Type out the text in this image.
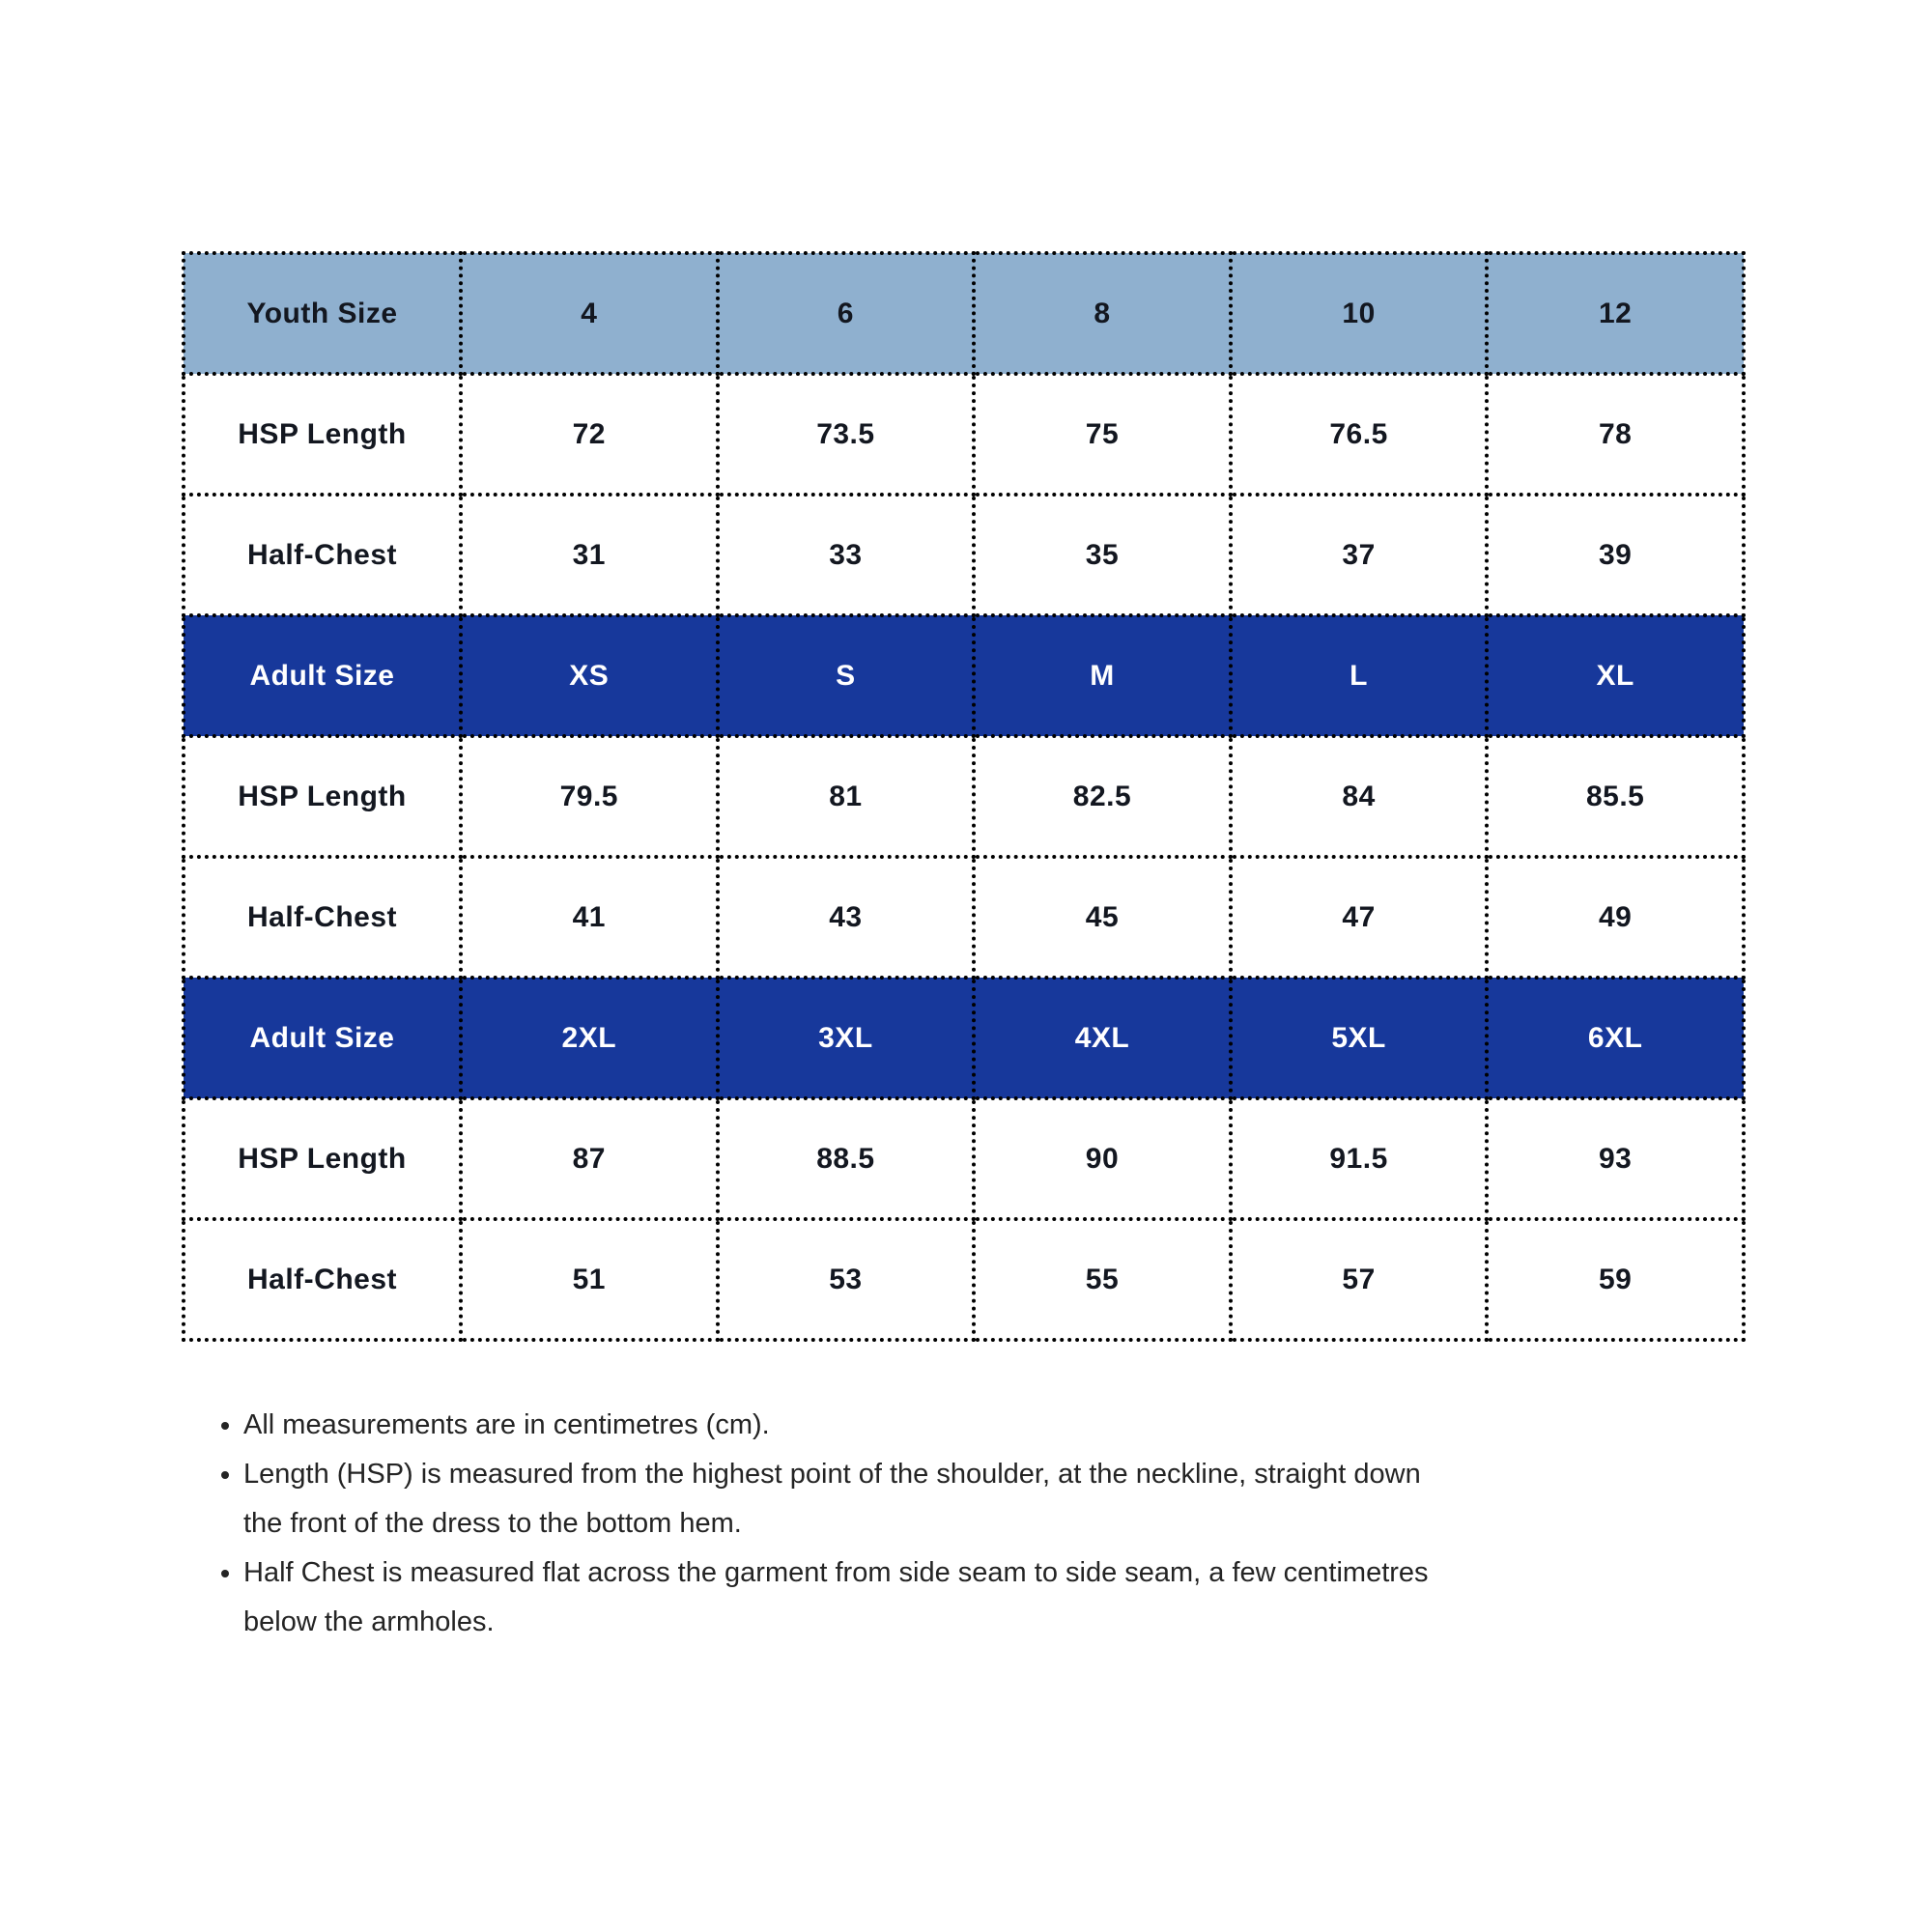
Youth Size	4	6	8	10	12
HSP Length	72	73.5	75	76.5	78
Half-Chest	31	33	35	37	39
Adult Size	XS	S	M	L	XL
HSP Length	79.5	81	82.5	84	85.5
Half-Chest	41	43	45	47	49
Adult Size	2XL	3XL	4XL	5XL	6XL
HSP Length	87	88.5	90	91.5	93
Half-Chest	51	53	55	57	59
• All measurements are in centimetres (cm).
• Length (HSP) is measured from the highest point of the shoulder, at the neckline, straight down
the front of the dress to the bottom hem.
• Half Chest is measured flat across the garment from side seam to side seam, a few centimetres
below the armholes.
